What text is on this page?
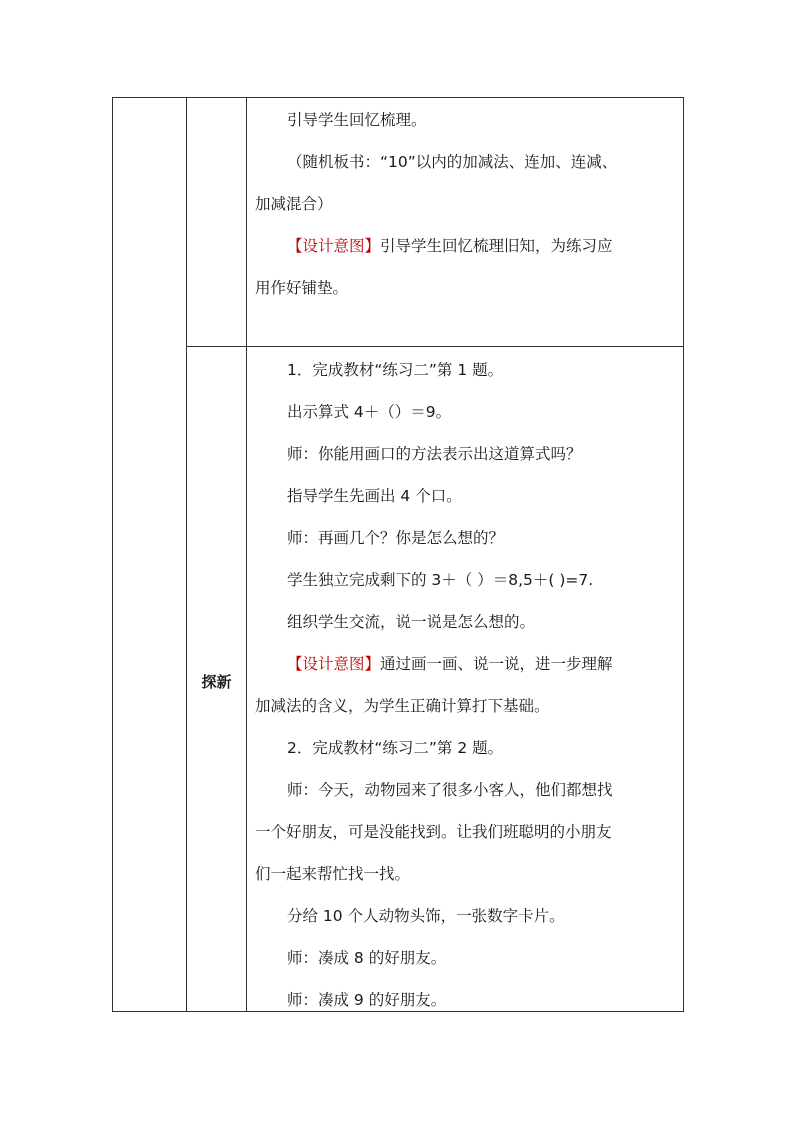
探新
引导学生回忆梳理。
（随机板书：“10”以内的加减法、连加、连减、
加减混合）
【设计意图】引导学生回忆梳理旧知，为练习应
用作好铺垫。
1．完成教材“练习二”第 1 题。
出示算式 4＋（）＝9。
师：你能用画口的方法表示出这道算式吗？
指导学生先画出 4 个口。
师：再画几个？你是怎么想的？
学生独立完成剩下的 3＋（ ）＝8,5＋( )=7.
组织学生交流，说一说是怎么想的。
【设计意图】通过画一画、说一说，进一步理解
加减法的含义，为学生正确计算打下基础。
2．完成教材“练习二”第 2 题。
师：今天，动物园来了很多小客人，他们都想找
一个好朋友，可是没能找到。让我们班聪明的小朋友
们一起来帮忙找一找。
分给 10 个人动物头饰，一张数字卡片。
师：凑成 8 的好朋友。
师：凑成 9 的好朋友。
